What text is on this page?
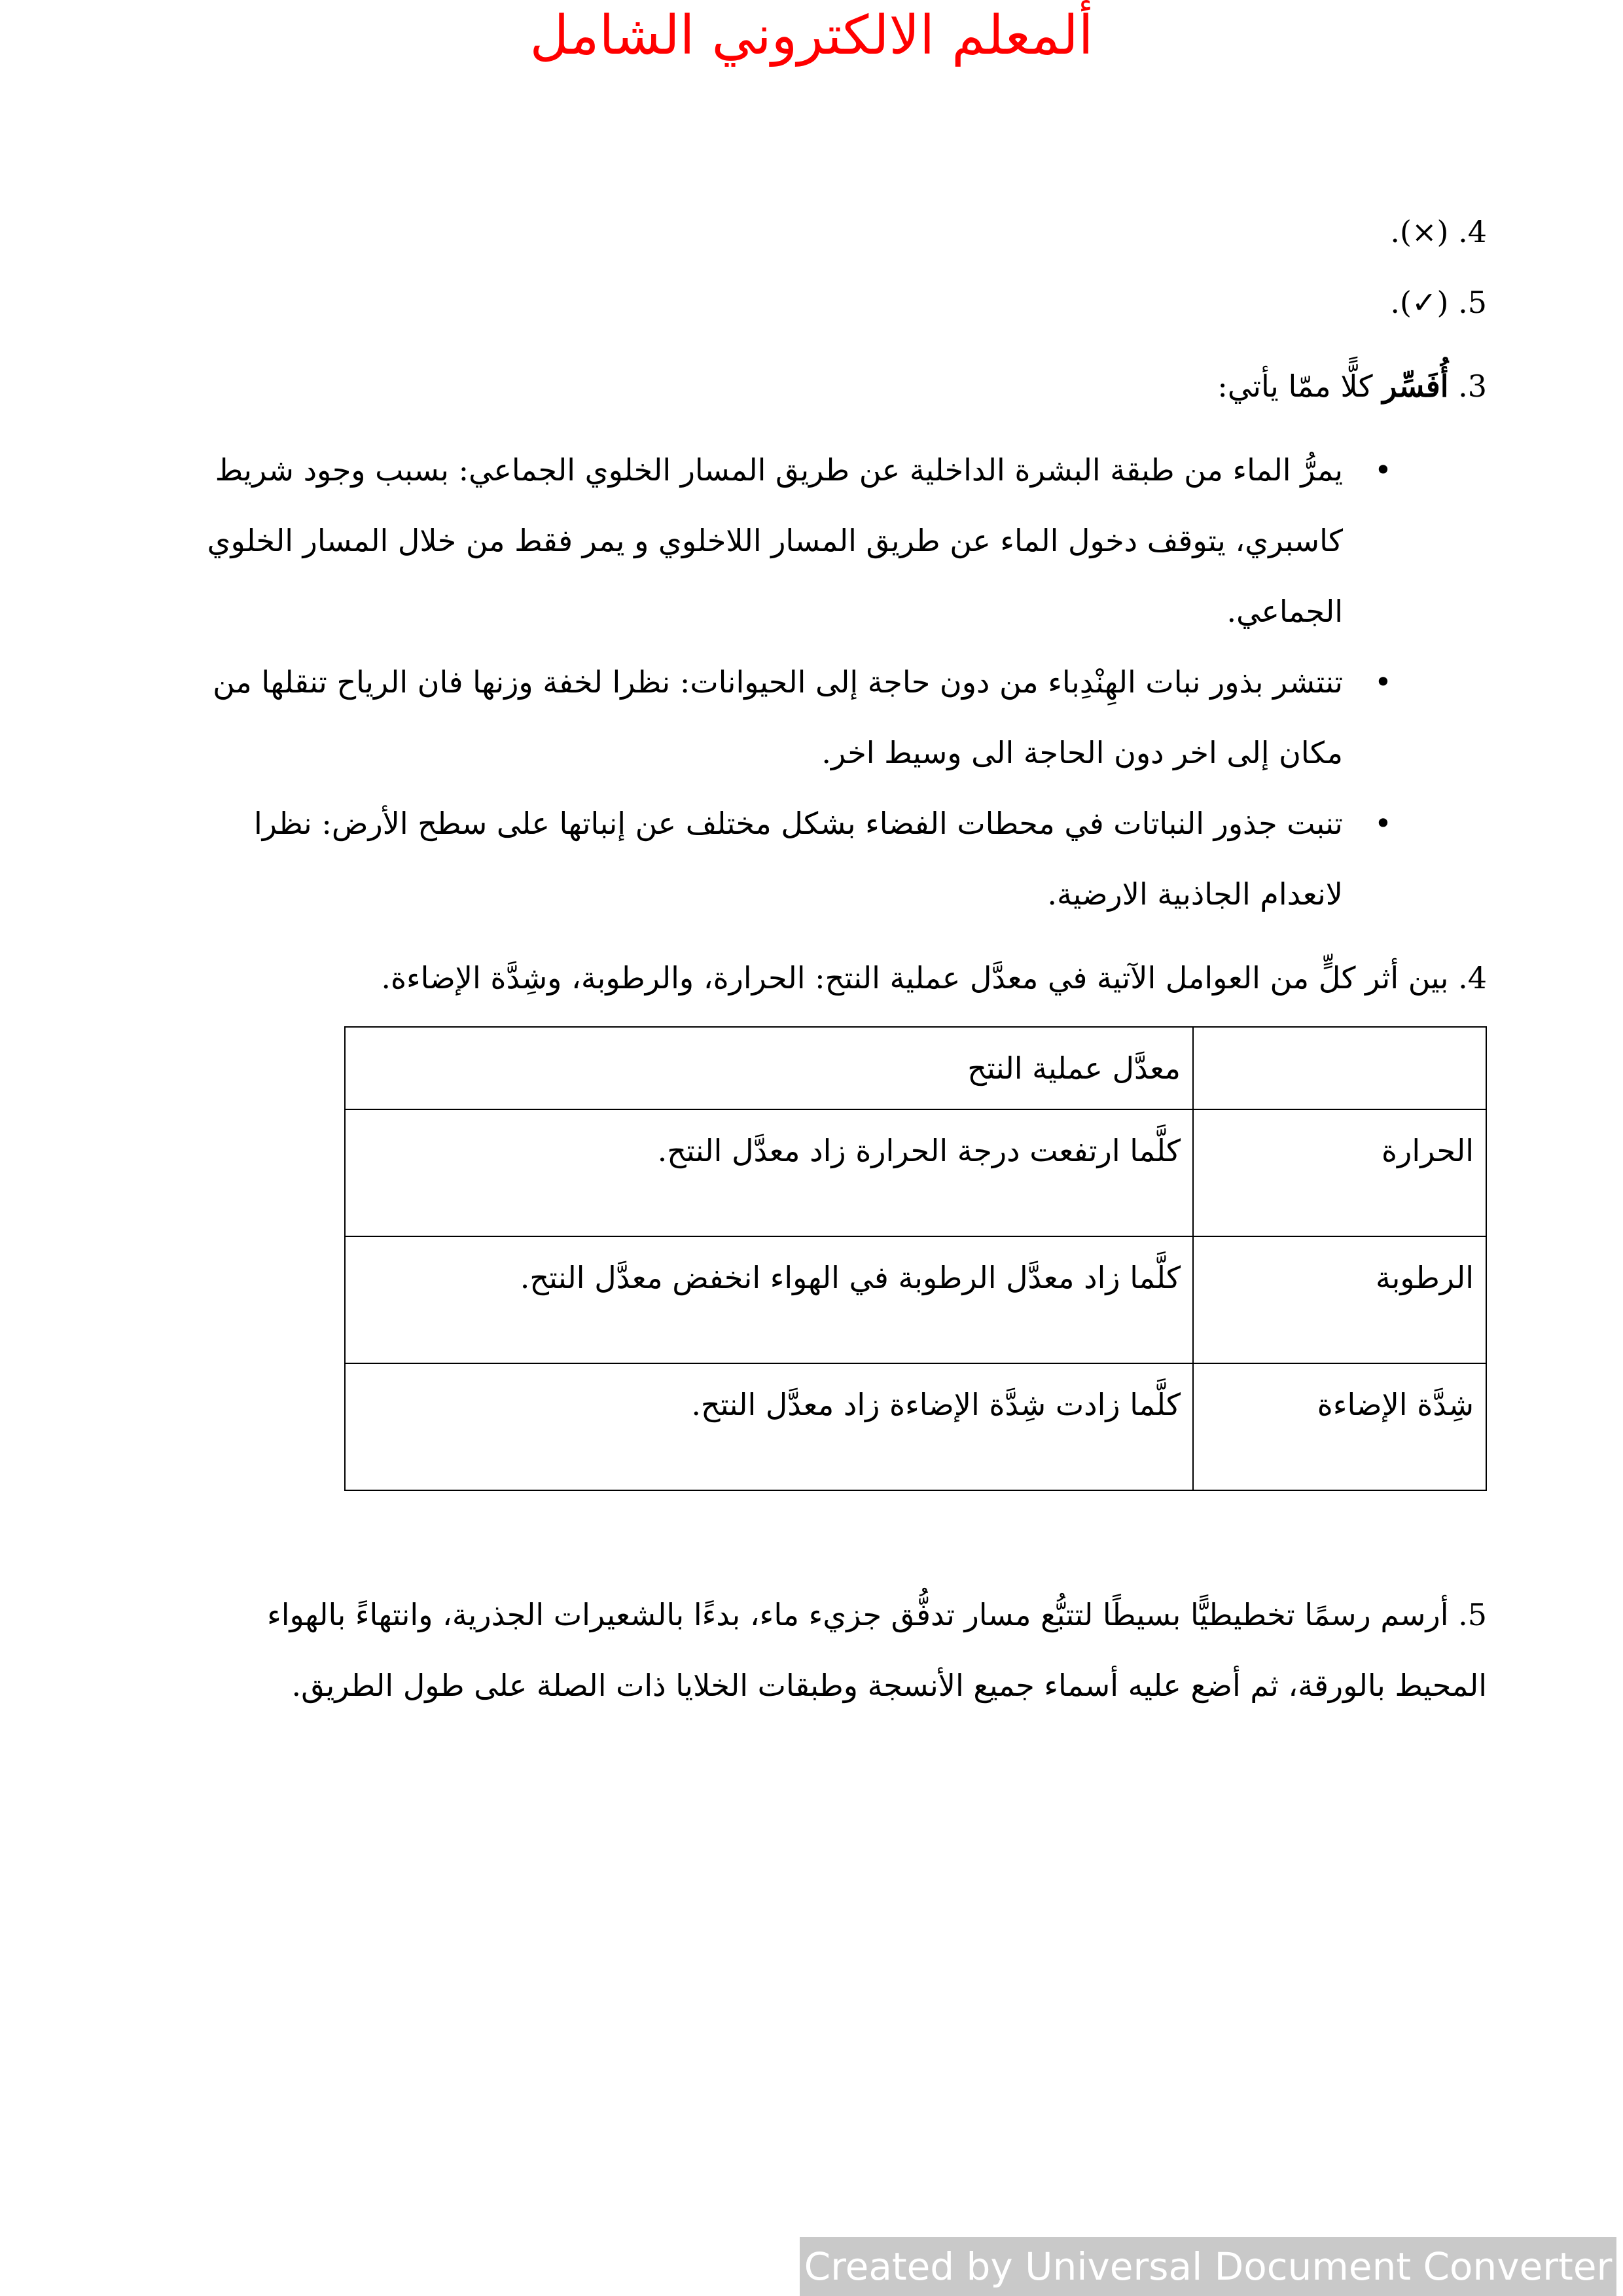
ألمعلم الالكتروني الشامل

4. (×).

5. (✓).

3. أُفَسِّر كلًّا ممّا يأتي:

•
يمرُّ الماء من طبقة البشرة الداخلية عن طريق المسار الخلوي الجماعي: بسبب وجود شريط كاسبري، يتوقف دخول الماء عن طريق المسار اللاخلوي و يمر فقط من خلال المسار الخلوي الجماعي.
•
تنتشر بذور نبات الهِنْدِباء من دون حاجة إلى الحيوانات: نظرا لخفة وزنها فان الرياح تنقلها من مكان إلى اخر دون الحاجة الى وسيط اخر.
•
تنبت جذور النباتات في محطات الفضاء بشكل مختلف عن إنباتها على سطح الأرض: نظرا لانعدام الجاذبية الارضية.

4. بين أثر كلٍّ من العوامل الآتية في معدَّل عملية النتح: الحرارة، والرطوبة، وشِدَّة الإضاءة.

	معدَّل عملية النتح
الحرارة	كلَّما ارتفعت درجة الحرارة زاد معدَّل النتح.
الرطوبة	كلَّما زاد معدَّل الرطوبة في الهواء انخفض معدَّل النتح.
شِدَّة الإضاءة	كلَّما زادت شِدَّة الإضاءة زاد معدَّل النتح.

5. أرسم رسمًا تخطيطيًّا بسيطًا لتتبُّع مسار تدفُّق جزيء ماء، بدءًا بالشعيرات الجذرية، وانتهاءً بالهواء المحيط بالورقة، ثم أضع عليه أسماء جميع الأنسجة وطبقات الخلايا ذات الصلة على طول الطريق.

Created by Universal Document Converter
